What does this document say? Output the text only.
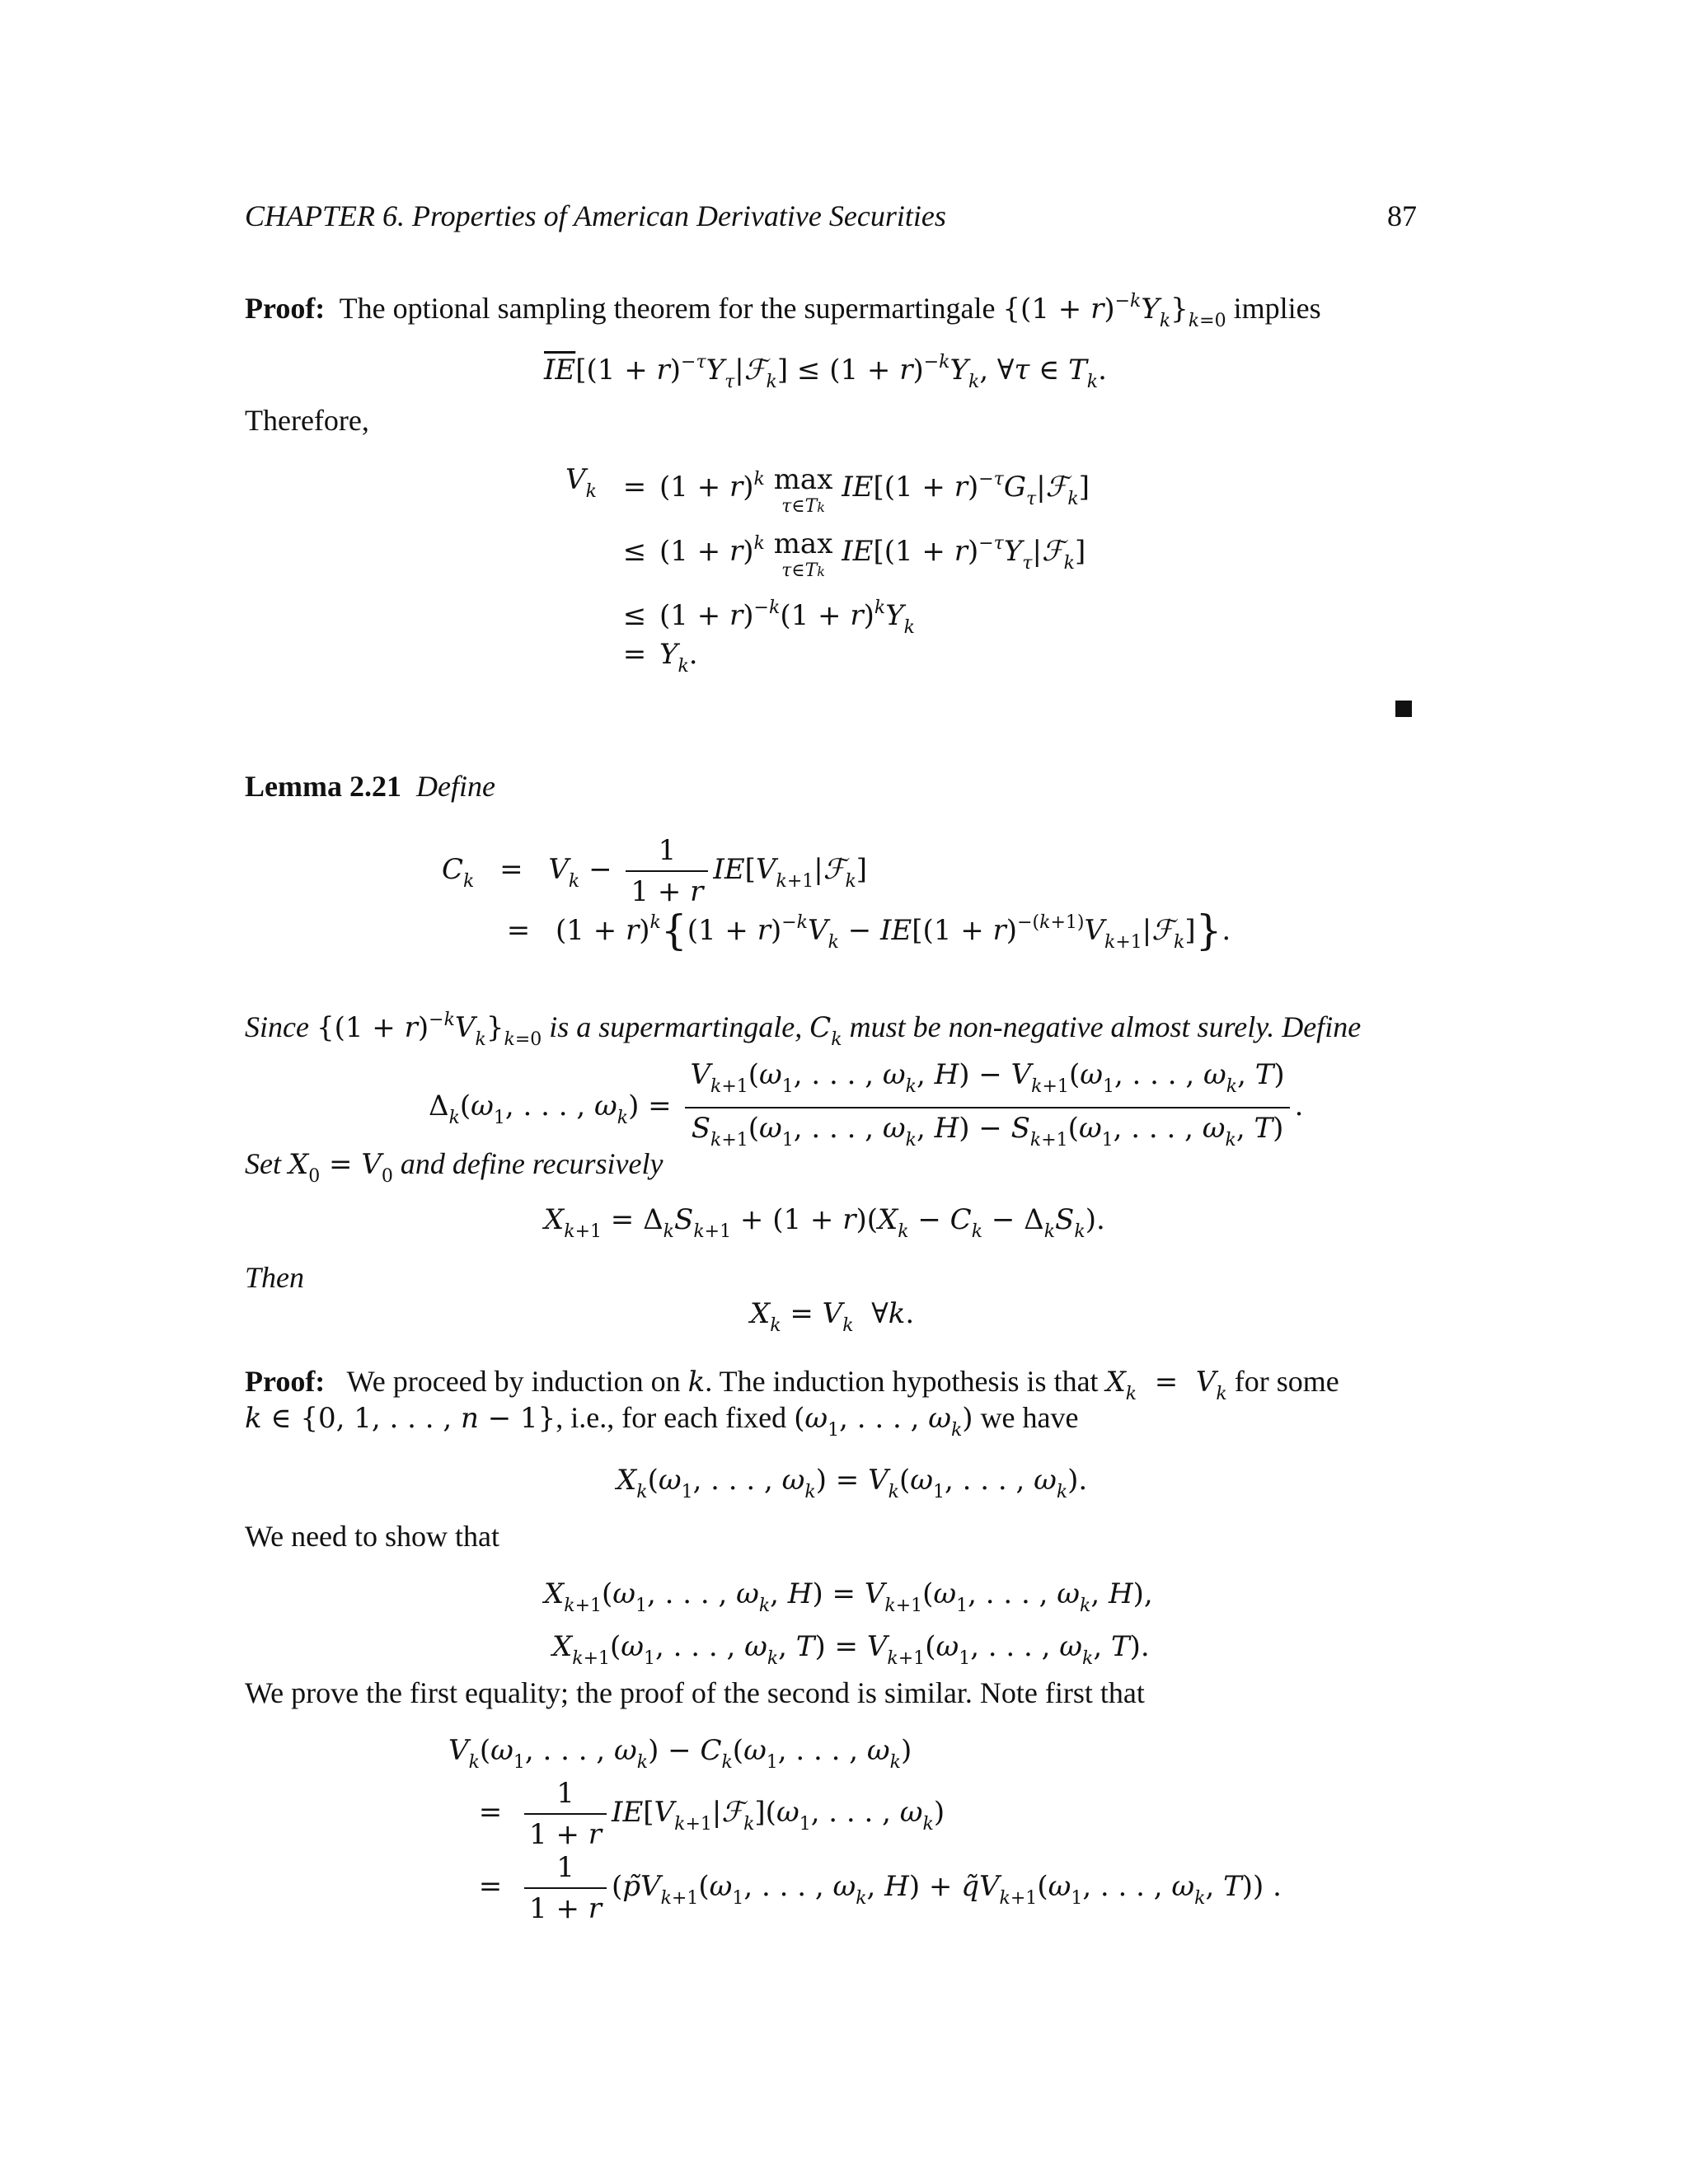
CHAPTER 6. Properties of American Derivative Securities	87
Proof: The optional sampling theorem for the supermartingale $\{(1 + r)^{-k}Y_k\}_{k=0}$ implies
$\overline{IE}[(1$ + $r)^{-\tau}Y_\tau|ℱ_k] \le (1 + r)^{-k}Y_k$, ∀τ ∈ $T_k$.
Therefore,
$V_k = (1 + r)^k$ max
τ∈Tk
$IE[(1 + r)^{-\tau}G_\tau|ℱ_k]$
≤ $(1 + r)^k$ max
τ∈Tk
$IE[(1 + r)^{-\tau}Y_\tau|ℱ_k]$
≤ $(1 + r)^{-k}(1 + r)^kY_k$
= $Y_k$.
Lemma 2.21 Define
$C_k = V_k - \frac{1}{1 + r}$ $IE[V_{k+1}|ℱ_k]$
= $(1 + r)^k\{(1 + r)^{-k}V_k - IE[(1$ + $r)^{-(k+1)}V_{k+1}|ℱ_k$]}.
Since $\{(1 + r)^{-k}V_k\}_{k=0}$ is a supermartingale, $C_k$ must be non-negative almost surely. Define
$\Delta_k(\omega_1$, . . . , $\omega_k) = \frac{V_{k+1}(\omega_1, . . . , \omega_k, H) - V_{k+1}(\omega_1, . . . , \omega_k, T)}{S_{k+1}(\omega_1, . . . , \omega_k, H) - S_{k+1}(\omega_1, . . . , \omega_k, T)}$ .
Set $X_0 = V_0$ and define recursively
$X_{k+1} = \Delta_kS_{k+1} + (1 + r)(X_k - C_k - \Delta_kS_k)$.
Then
$X_k = V_k$  ∀k.
Proof: We proceed by induction on k. The induction hypothesis is that $X_k = V_k$ for some
k ∈ {0, 1, . . . , n − 1}, i.e., for each fixed ($\omega_1$, . . . , $\omega_k$) we have
$X_k(\omega_1$, . . . , $\omega_k) = V_k(\omega_1$, . . . , $\omega_k$).
We need to show that
$X_{k+1}(\omega_1$, . . . , $\omega_k$, $H) = V_{k+1}(\omega_1$, . . . , $\omega_k$, H),
$X_{k+1}(\omega_1$, . . . , $\omega_k$, $T) = V_{k+1}(\omega_1$, . . . , $\omega_k$, T).
We prove the first equality; the proof of the second is similar. Note first that
$V_k(\omega_1$, . . . , $\omega_k) - C_k(\omega_1$, . . . , $\omega_k$)
= $\frac{1}{1 + r}$ $IE[V_{k+1}|ℱ_k](\omega_1$, . . . , $\omega_k$)
= $\frac{1}{1 + r}$ ($p̃V_{k+1}(\omega_1$, . . . , $\omega_k$, $H) + q̃V_{k+1}(\omega_1$, . . . , $\omega_k$, T)) .
